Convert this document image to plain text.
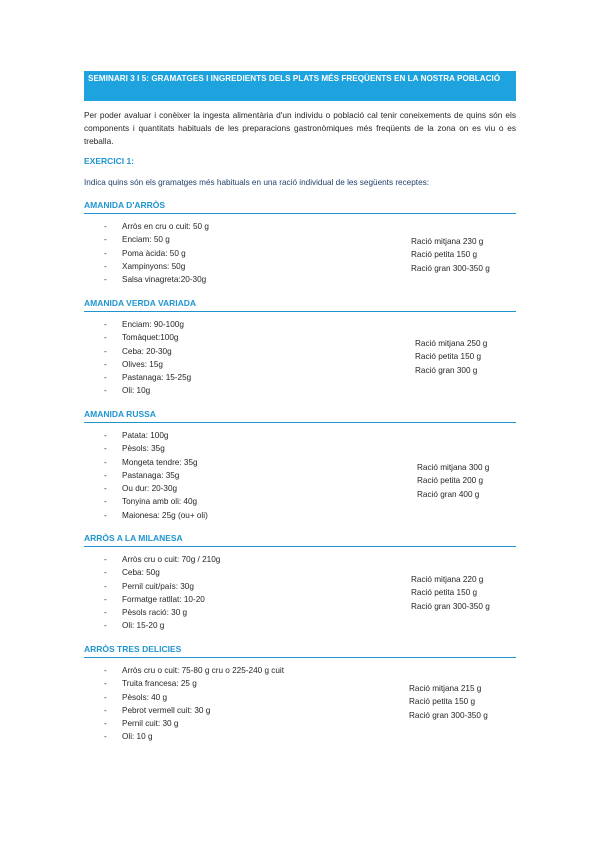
SEMINARI 3 I 5: GRAMATGES I INGREDIENTS DELS PLATS MÉS FREQÜENTS EN LA NOSTRA POBLACIÓ
Per poder avaluar i conèixer la ingesta alimentària d'un individu o població cal tenir coneixements de quins són els components i quantitats habituals de les preparacions gastronòmiques més freqüents de la zona on es viu o es treballa.
EXERCICI 1:
Indica quins són els gramatges més habituals en una ració individual de les següents receptes:
AMANIDA D'ARRÒS
- Arròs en cru o cuit: 50 g
- Enciam: 50 g
- Poma àcida: 50 g
- Xampinyons: 50g
- Salsa vinagreta:20-30g
Ració mitjana 230 g
Ració petita 150 g
Ració gran 300-350 g
AMANIDA VERDA VARIADA
- Enciam: 90-100g
- Tomàquet:100g
- Ceba: 20-30g
- Olives: 15g
- Pastanaga: 15-25g
- Oli: 10g
Ració mitjana 250 g
Ració petita 150 g
Ració gran 300 g
AMANIDA RUSSA
- Patata: 100g
- Pèsols: 35g
- Mongeta tendre: 35g
- Pastanaga: 35g
- Ou dur: 20-30g
- Tonyina amb oli: 40g
- Maionesa: 25g (ou+ oli)
Ració mitjana 300 g
Ració petita 200 g
Ració gran 400 g
ARRÒS A LA MILANESA
- Arròs cru o cuit: 70g / 210g
- Ceba: 50g
- Pernil cuit/país: 30g
- Formatge ratllat: 10-20
- Pèsols ració: 30 g
- Oli: 15-20 g
Ració mitjana 220 g
Ració petita 150 g
Ració gran 300-350 g
ARRÒS TRES DELICIES
- Arròs cru o cuit: 75-80 g cru o 225-240 g cuit
- Truita francesa: 25 g
- Pèsols: 40 g
- Pebrot vermell cuit: 30 g
- Pernil cuit: 30 g
- Oli: 10 g
Ració mitjana 215 g
Ració petita 150 g
Ració gran 300-350 g
